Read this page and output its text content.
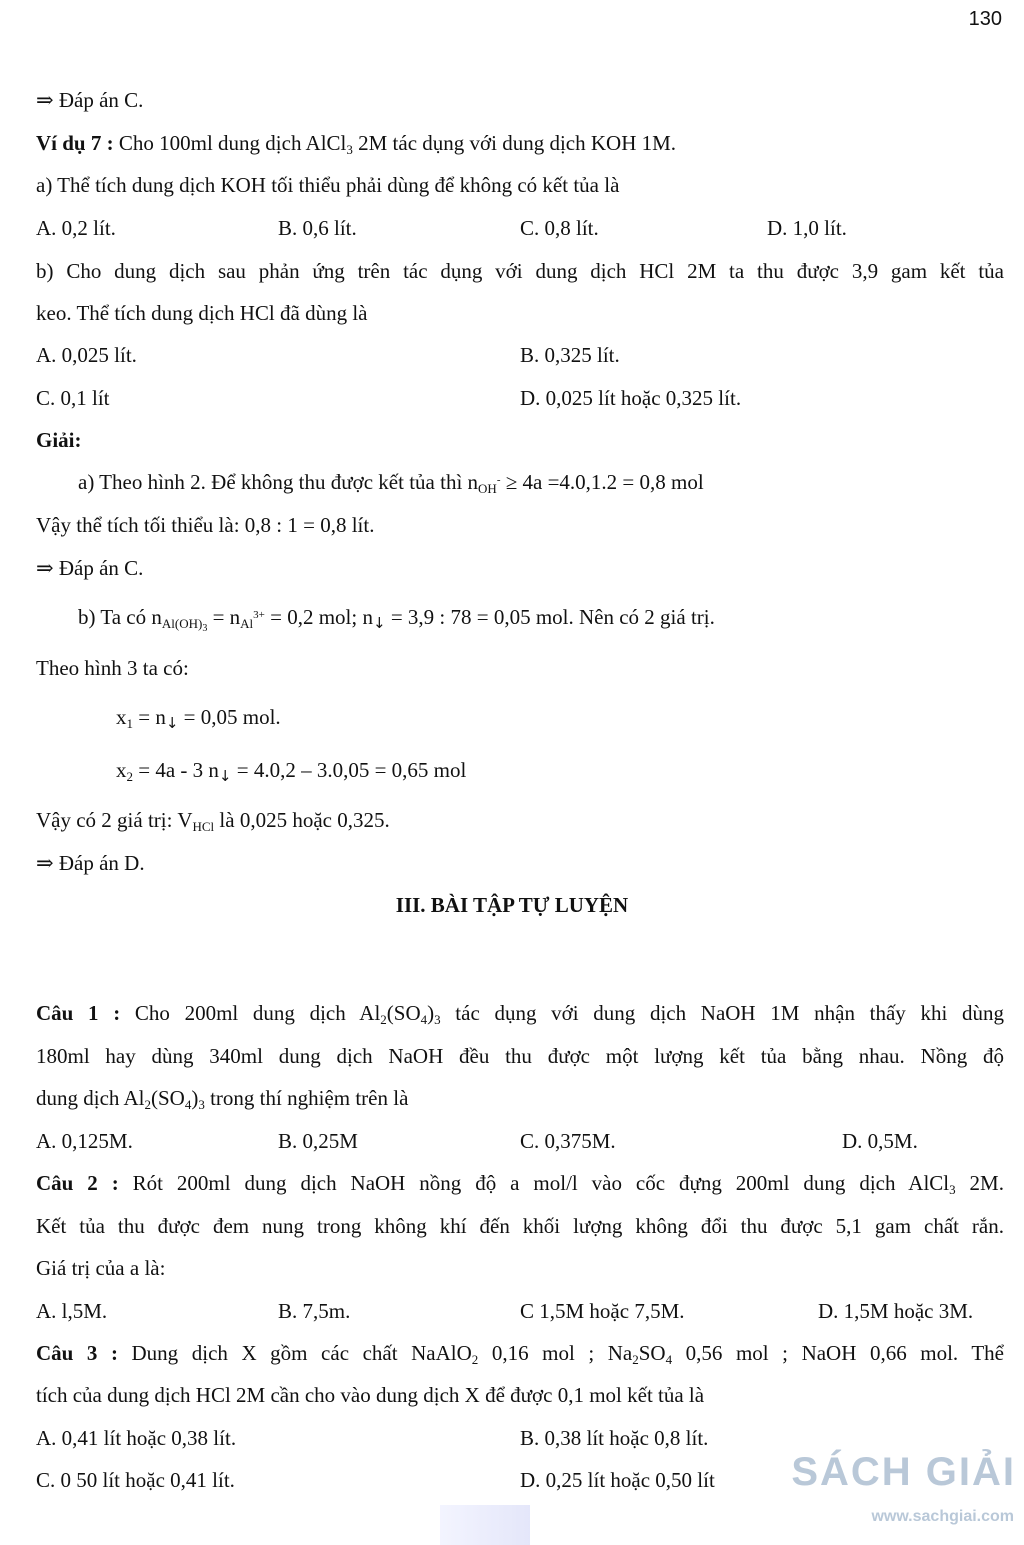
130
⇒ Đáp án C.
Ví dụ 7 : Cho 100ml dung dịch AlCl$_3$ 2M tác dụng với dung dịch KOH 1M.
a) Thể tích dung dịch KOH tối thiểu phải dùng để không có kết tủa là
A. 0,2 lít.	B. 0,6 lít.	C. 0,8 lít.	D. 1,0 lít.
b) Cho dung dịch sau phản ứng trên tác dụng với dung dịch HCl 2M ta thu được 3,9 gam kết tủa
keo. Thể tích dung dịch HCl đã dùng là
A. 0,025 lít.	B. 0,325 lít.
C. 0,1 lít	D. 0,025 lít hoặc 0,325 lít.
Giải:
a) Theo hình 2. Để không thu được kết tủa thì $n_{OH}^- \ge 4a =4.0,1.2 = 0,8$ mol
Vậy thể tích tối thiểu là: 0,8 : 1 = 0,8 lít.
⇒ Đáp án C.
b) Ta có $n_{Al(OH)3} = n_{Al}^{3+} = 0,2$ mol; $n_↓ = 3,9$ : 78 = 0,05 mol. Nên có 2 giá trị.
Theo hình 3 ta có:
$x_1 = n_↓ = 0,05$ mol.
$x_2 = 4a - 3$ $n_↓ = 4.0,2 - 3.0,05 = 0,65$ mol
Vậy có 2 giá trị: $V_{HCl}$ là 0,025 hoặc 0,325.
⇒ Đáp án D.
III. BÀI TẬP TỰ LUYỆN
Câu 1 : Cho 200ml dung dịch $Al_2(SO_4)_3$ tác dụng với dung dịch NaOH 1M nhận thấy khi dùng
180ml hay dùng 340ml dung dịch NaOH đều thu được một lượng kết tủa bằng nhau. Nồng độ
dung dịch $Al_2(SO_4)_3$ trong thí nghiệm trên là
A. 0,125M.	B. 0,25M	C. 0,375M.	D. 0,5M.
Câu 2 : Rót 200ml dung dịch NaOH nồng độ a mol/l vào cốc đựng 200ml dung dịch AlCl$_3$ 2M.
Kết tủa thu được đem nung trong không khí đến khối lượng không đổi thu được 5,1 gam chất rắn.
Giá trị của a là:
A. l,5M.	B. 7,5m.	C 1,5M hoặc 7,5M.	D. 1,5M hoặc 3M.
Câu 3 : Dung dịch X gồm các chất NaAlO$_2$ 0,16 mol ; $Na_2SO_4$ 0,56 mol ; NaOH 0,66 mol. Thể
tích của dung dịch HCl 2M cần cho vào dung dịch X để được 0,1 mol kết tủa là
A. 0,41 lít hoặc 0,38 lít.	B. 0,38 lít hoặc 0,8 lít.
C. 0 50 lít hoặc 0,41 lít.	D. 0,25 lít hoặc 0,50 lít SÁCH GIẢI
www.sachgiai.com
